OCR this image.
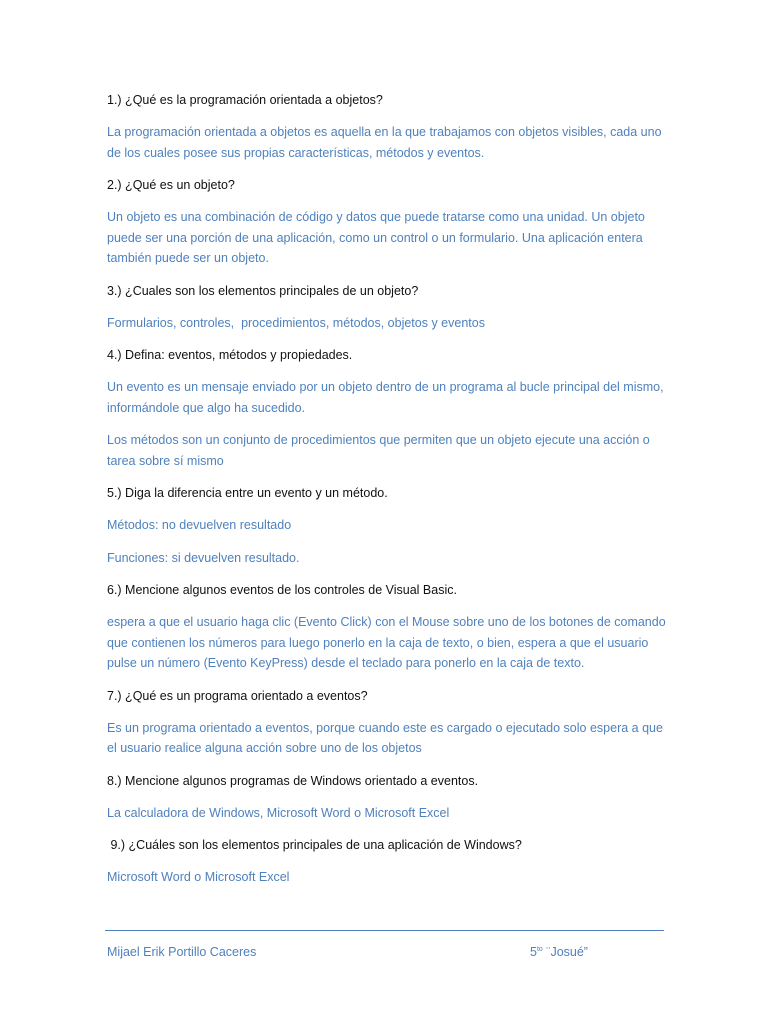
1.) ¿Qué es la programación orientada a objetos?

La programación orientada a objetos es aquella en la que trabajamos con objetos visibles, cada uno de los cuales posee sus propias características, métodos y eventos.

2.) ¿Qué es un objeto?

Un objeto es una combinación de código y datos que puede tratarse como una unidad. Un objeto puede ser una porción de una aplicación, como un control o un formulario. Una aplicación entera también puede ser un objeto.

3.) ¿Cuales son los elementos principales de un objeto?

Formularios, controles,  procedimientos, métodos, objetos y eventos

4.) Defina: eventos, métodos y propiedades.

Un evento es un mensaje enviado por un objeto dentro de un programa al bucle principal del mismo, informándole que algo ha sucedido.

Los métodos son un conjunto de procedimientos que permiten que un objeto ejecute una acción o tarea sobre sí mismo

5.) Diga la diferencia entre un evento y un método.

Métodos: no devuelven resultado

Funciones: si devuelven resultado.

6.) Mencione algunos eventos de los controles de Visual Basic.

espera a que el usuario haga clic (Evento Click) con el Mouse sobre uno de los botones de comando que contienen los números para luego ponerlo en la caja de texto, o bien, espera a que el usuario pulse un número (Evento KeyPress) desde el teclado para ponerlo en la caja de texto.

7.) ¿Qué es un programa orientado a eventos?

Es un programa orientado a eventos, porque cuando este es cargado o ejecutado solo espera a que el usuario realice alguna acción sobre uno de los objetos

8.) Mencione algunos programas de Windows orientado a eventos.

La calculadora de Windows, Microsoft Word o Microsoft Excel

9.) ¿Cuáles son los elementos principales de una aplicación de Windows?

Microsoft Word o Microsoft Excel

Mijael Erik Portillo Caceres	$5^{to}$ ¨Josué”
